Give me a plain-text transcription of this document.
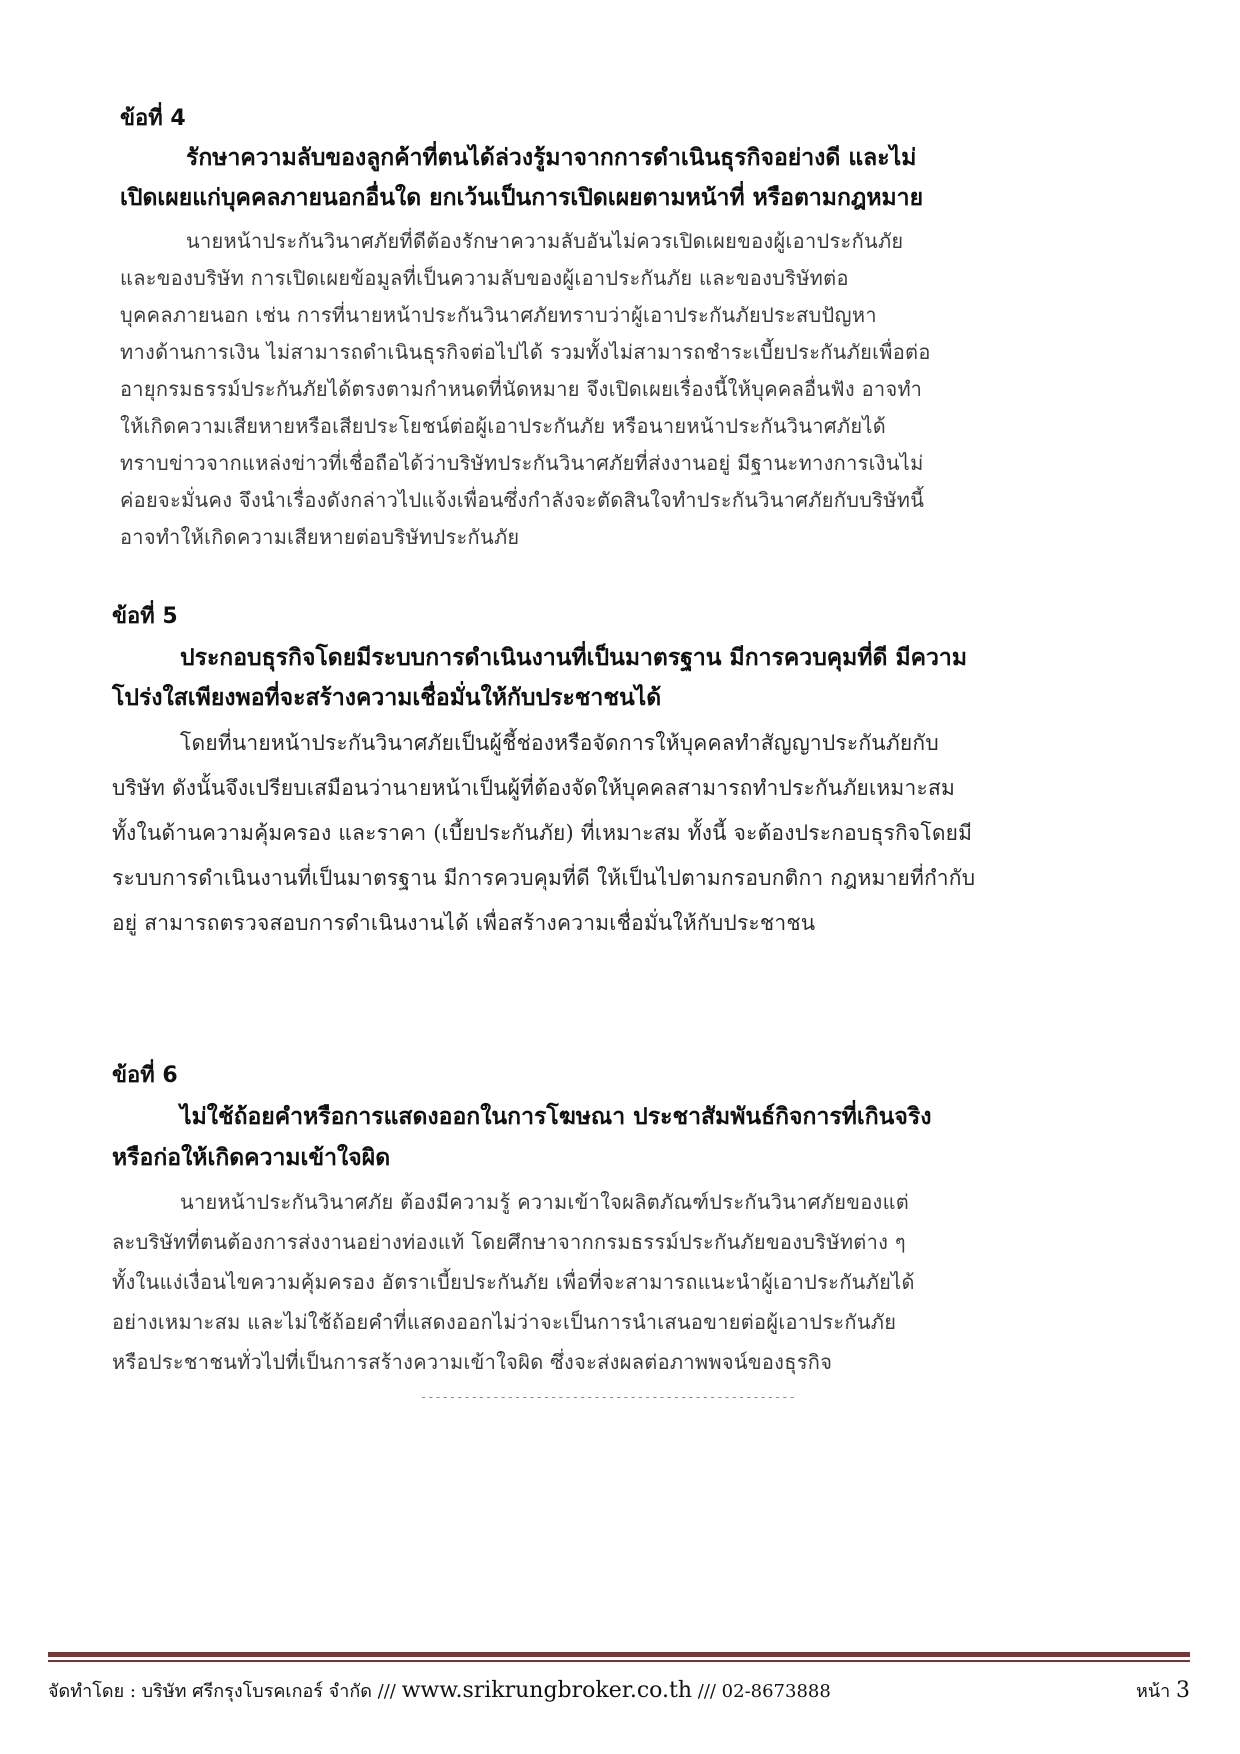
ข้อที่ 4
รักษาความลับของลูกค้าที่ตนได้ล่วงรู้มาจากการดำเนินธุรกิจอย่างดี และไม่
เปิดเผยแก่บุคคลภายนอกอื่นใด ยกเว้นเป็นการเปิดเผยตามหน้าที่ หรือตามกฎหมาย
นายหน้าประกันวินาศภัยที่ดีต้องรักษาความลับอันไม่ควรเปิดเผยของผู้เอาประกันภัย
และของบริษัท การเปิดเผยข้อมูลที่เป็นความลับของผู้เอาประกันภัย และของบริษัทต่อ
บุคคลภายนอก เช่น การที่นายหน้าประกันวินาศภัยทราบว่าผู้เอาประกันภัยประสบปัญหา
ทางด้านการเงิน ไม่สามารถดำเนินธุรกิจต่อไปได้ รวมทั้งไม่สามารถชำระเบี้ยประกันภัยเพื่อต่อ
อายุกรมธรรม์ประกันภัยได้ตรงตามกำหนดที่นัดหมาย จึงเปิดเผยเรื่องนี้ให้บุคคลอื่นฟัง อาจทำ
ให้เกิดความเสียหายหรือเสียประโยชน์ต่อผู้เอาประกันภัย หรือนายหน้าประกันวินาศภัยได้
ทราบข่าวจากแหล่งข่าวที่เชื่อถือได้ว่าบริษัทประกันวินาศภัยที่ส่งงานอยู่ มีฐานะทางการเงินไม่
ค่อยจะมั่นคง จึงนำเรื่องดังกล่าวไปแจ้งเพื่อนซึ่งกำลังจะตัดสินใจทำประกันวินาศภัยกับบริษัทนี้
อาจทำให้เกิดความเสียหายต่อบริษัทประกันภัย
ข้อที่ 5
ประกอบธุรกิจโดยมีระบบการดำเนินงานที่เป็นมาตรฐาน มีการควบคุมที่ดี มีความ
โปร่งใสเพียงพอที่จะสร้างความเชื่อมั่นให้กับประชาชนได้
โดยที่นายหน้าประกันวินาศภัยเป็นผู้ชี้ช่องหรือจัดการให้บุคคลทำสัญญาประกันภัยกับ
บริษัท ดังนั้นจึงเปรียบเสมือนว่านายหน้าเป็นผู้ที่ต้องจัดให้บุคคลสามารถทำประกันภัยเหมาะสม
ทั้งในด้านความคุ้มครอง และราคา (เบี้ยประกันภัย) ที่เหมาะสม ทั้งนี้ จะต้องประกอบธุรกิจโดยมี
ระบบการดำเนินงานที่เป็นมาตรฐาน มีการควบคุมที่ดี ให้เป็นไปตามกรอบกติกา กฎหมายที่กำกับ
อยู่ สามารถตรวจสอบการดำเนินงานได้ เพื่อสร้างความเชื่อมั่นให้กับประชาชน
ข้อที่ 6
ไม่ใช้ถ้อยคำหรือการแสดงออกในการโฆษณา ประชาสัมพันธ์กิจการที่เกินจริง
หรือก่อให้เกิดความเข้าใจผิด
นายหน้าประกันวินาศภัย ต้องมีความรู้ ความเข้าใจผลิตภัณฑ์ประกันวินาศภัยของแต่
ละบริษัทที่ตนต้องการส่งงานอย่างท่องแท้ โดยศึกษาจากกรมธรรม์ประกันภัยของบริษัทต่าง ๆ
ทั้งในแง่เงื่อนไขความคุ้มครอง อัตราเบี้ยประกันภัย เพื่อที่จะสามารถแนะนำผู้เอาประกันภัยได้
อย่างเหมาะสม และไม่ใช้ถ้อยคำที่แสดงออกไม่ว่าจะเป็นการนำเสนอขายต่อผู้เอาประกันภัย
หรือประชาชนทั่วไปที่เป็นการสร้างความเข้าใจผิด ซึ่งจะส่งผลต่อภาพพจน์ของธุรกิจ
----------------------------------------------------
จัดทำโดย : บริษัท ศรีกรุงโบรคเกอร์ จำกัด /// www.srikrungbroker.co.th /// 02-8673888	หน้า 3
